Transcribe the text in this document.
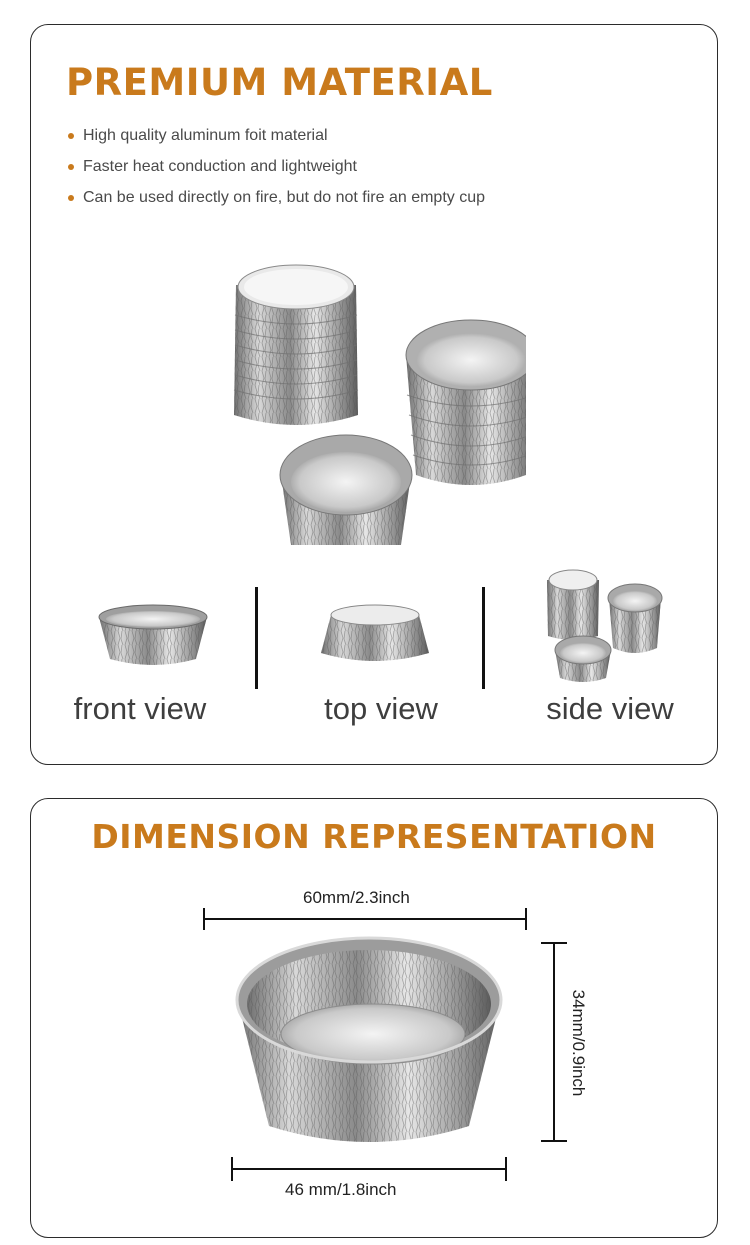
PREMIUM MATERIAL
High quality aluminum foit material
Faster heat conduction and lightweight
Can be used directly on fire, but do not fire an empty cup
front view	top view	side view
DIMENSION REPRESENTATION
60mm/2.3inch
34mm/0.9inch
46 mm/1.8inch
